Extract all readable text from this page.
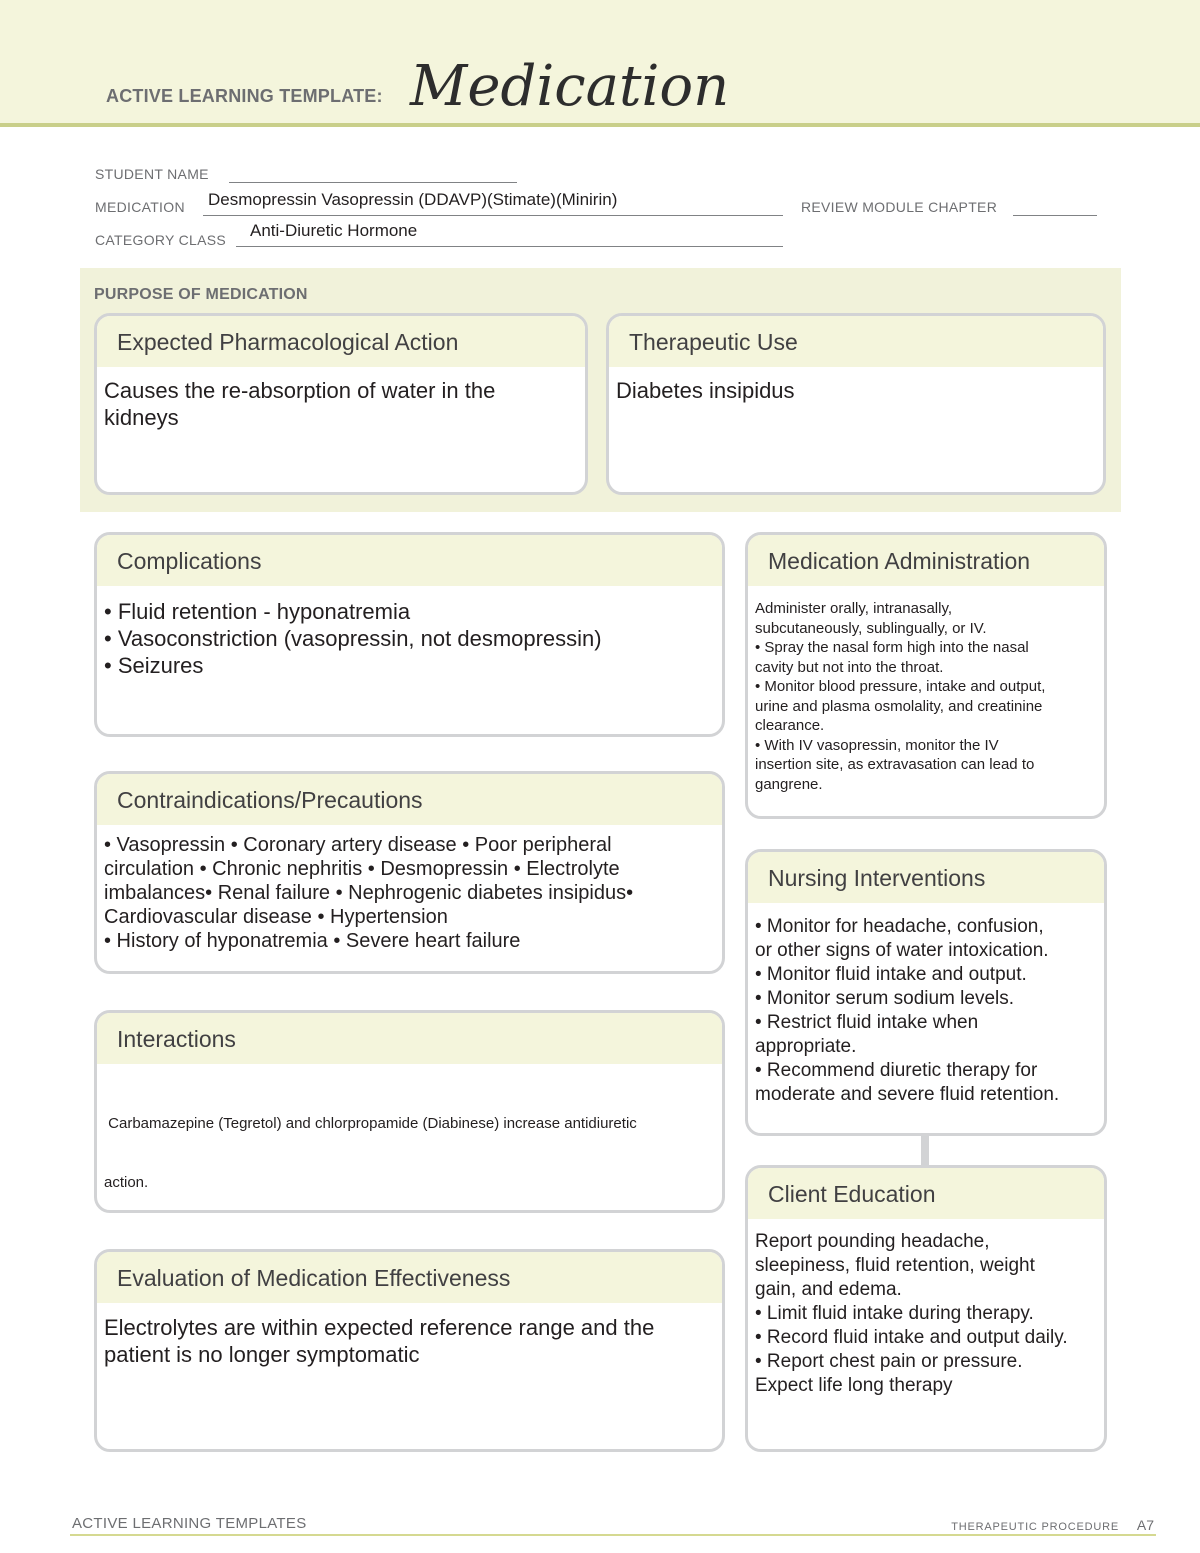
ACTIVE LEARNING TEMPLATE: Medication
STUDENT NAME
MEDICATION Desmopressin Vasopressin (DDAVP)(Stimate)(Minirin)	REVIEW MODULE CHAPTER
CATEGORY CLASS Anti-Diuretic Hormone
PURPOSE OF MEDICATION
Expected Pharmacological Action
Causes the re-absorption of water in the
kidneys
Therapeutic Use
Diabetes insipidus
Complications
• Fluid retention - hyponatremia
• Vasoconstriction (vasopressin, not desmopressin)
• Seizures
Medication Administration
Administer orally, intranasally,
subcutaneously, sublingually, or IV.
• Spray the nasal form high into the nasal
cavity but not into the throat.
• Monitor blood pressure, intake and output,
urine and plasma osmolality, and creatinine
clearance.
• With IV vasopressin, monitor the IV
insertion site, as extravasation can lead to
gangrene.
Contraindications/Precautions
• Vasopressin • Coronary artery disease • Poor peripheral
circulation • Chronic nephritis • Desmopressin • Electrolyte
imbalances• Renal failure • Nephrogenic diabetes insipidus•
Cardiovascular disease • Hypertension
• History of hyponatremia • Severe heart failure
Nursing Interventions
• Monitor for headache, confusion,
or other signs of water intoxication.
• Monitor fluid intake and output.
• Monitor serum sodium levels.
• Restrict fluid intake when
appropriate.
• Recommend diuretic therapy for
moderate and severe fluid retention.
Interactions

Carbamazepine (Tegretol) and chlorpropamide (Diabinese) increase antidiuretic

action.

	Client Education
Report pounding headache,
sleepiness, fluid retention, weight
gain, and edema.
• Limit fluid intake during therapy.
• Record fluid intake and output daily.
• Report chest pain or pressure.
Expect life long therapy
Evaluation of Medication Effectiveness
Electrolytes are within expected reference range and the
patient is no longer symptomatic
ACTIVE LEARNING TEMPLATES	THERAPEUTIC PROCEDURE A7
